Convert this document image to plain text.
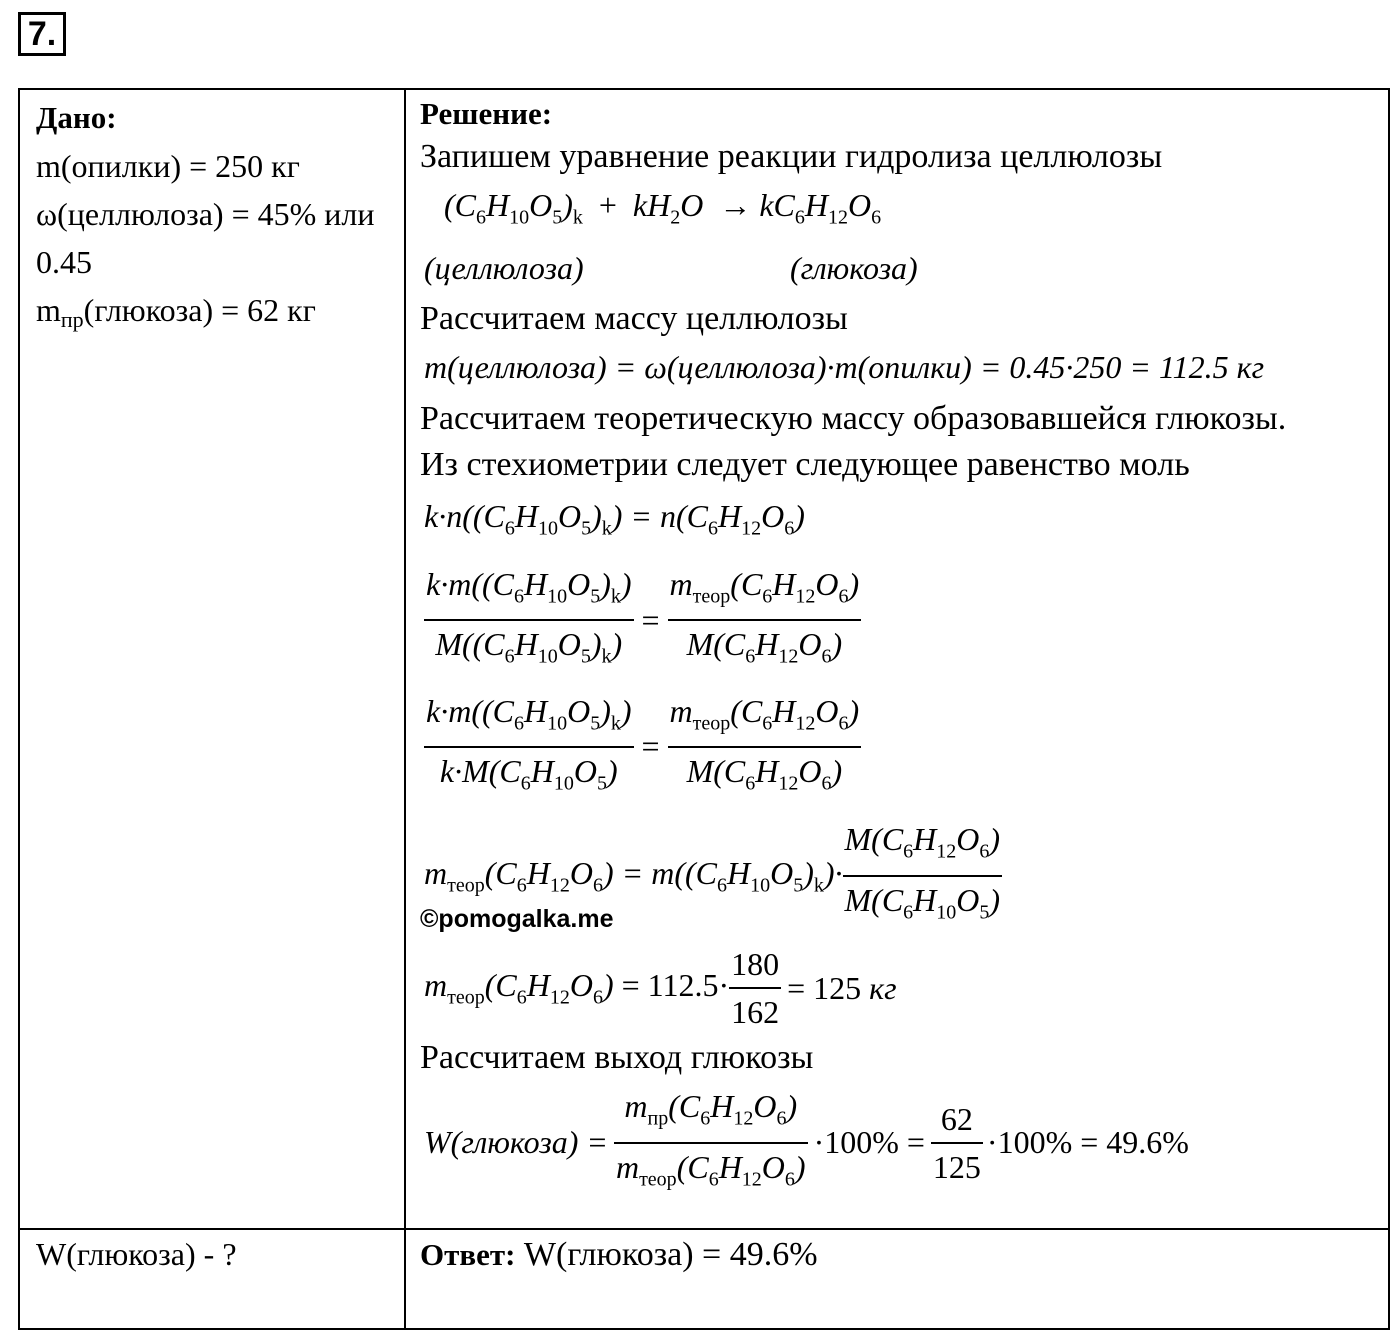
7.
Дано:
m(опилки) = 250 кг
ω(целлюлоза) = 45% или 0.45
$m_{пр}(глюкоза) = 62$ кг
W(глюкоза) - ?
Решение:
Запишем уравнение реакции гидролиза целлюлозы
$(C_6H_{10}O_5)_k + kH_2O \to kC_6H_{12}O_6$
(целлюлоза)	(глюкоза)
Рассчитаем массу целлюлозы
m(целлюлоза) = ω(целлюлоза)·m(опилки) = 0.45·250 = 112.5 кг
Рассчитаем теоретическую массу образовавшейся глюкозы. Из стехиометрии следует следующее равенство моль
$k\cdot n((C_6H_{10}O_5)_k) = n(C_6H_{12}O_6)$
$\frac{k\cdot m((C_6H_{10}O_5)_k)}{M((C_6H_{10}O_5)_k)} = \frac{m_{теор}(C_6H_{12}O_6)}{M(C_6H_{12}O_6)}$
$\frac{k\cdot m((C_6H_{10}O_5)_k)}{k\cdot M(C_6H_{10}O_5)} = \frac{m_{теор}(C_6H_{12}O_6)}{M(C_6H_{12}O_6)}$
$m_{теор}(C_6H_{12}O_6) = m((C_6H_{10}O_5)_k)\cdot \frac{M(C_6H_{12}O_6)}{M(C_6H_{10}O_5)}$
©pomogalka.me
$m_{теор}(C_6H_{12}O_6) = 112.5\cdot \frac{180}{162} = 125$ кг
Рассчитаем выход глюкозы
W(глюкоза) = $\frac{m_{пр}(C_6H_{12}O_6)}{m_{теор}(C_6H_{12}O_6)} \cdot 100\% = \frac{62}{125} \cdot 100\% = 49.6\%$
Ответ: W(глюкоза) = 49.6%
